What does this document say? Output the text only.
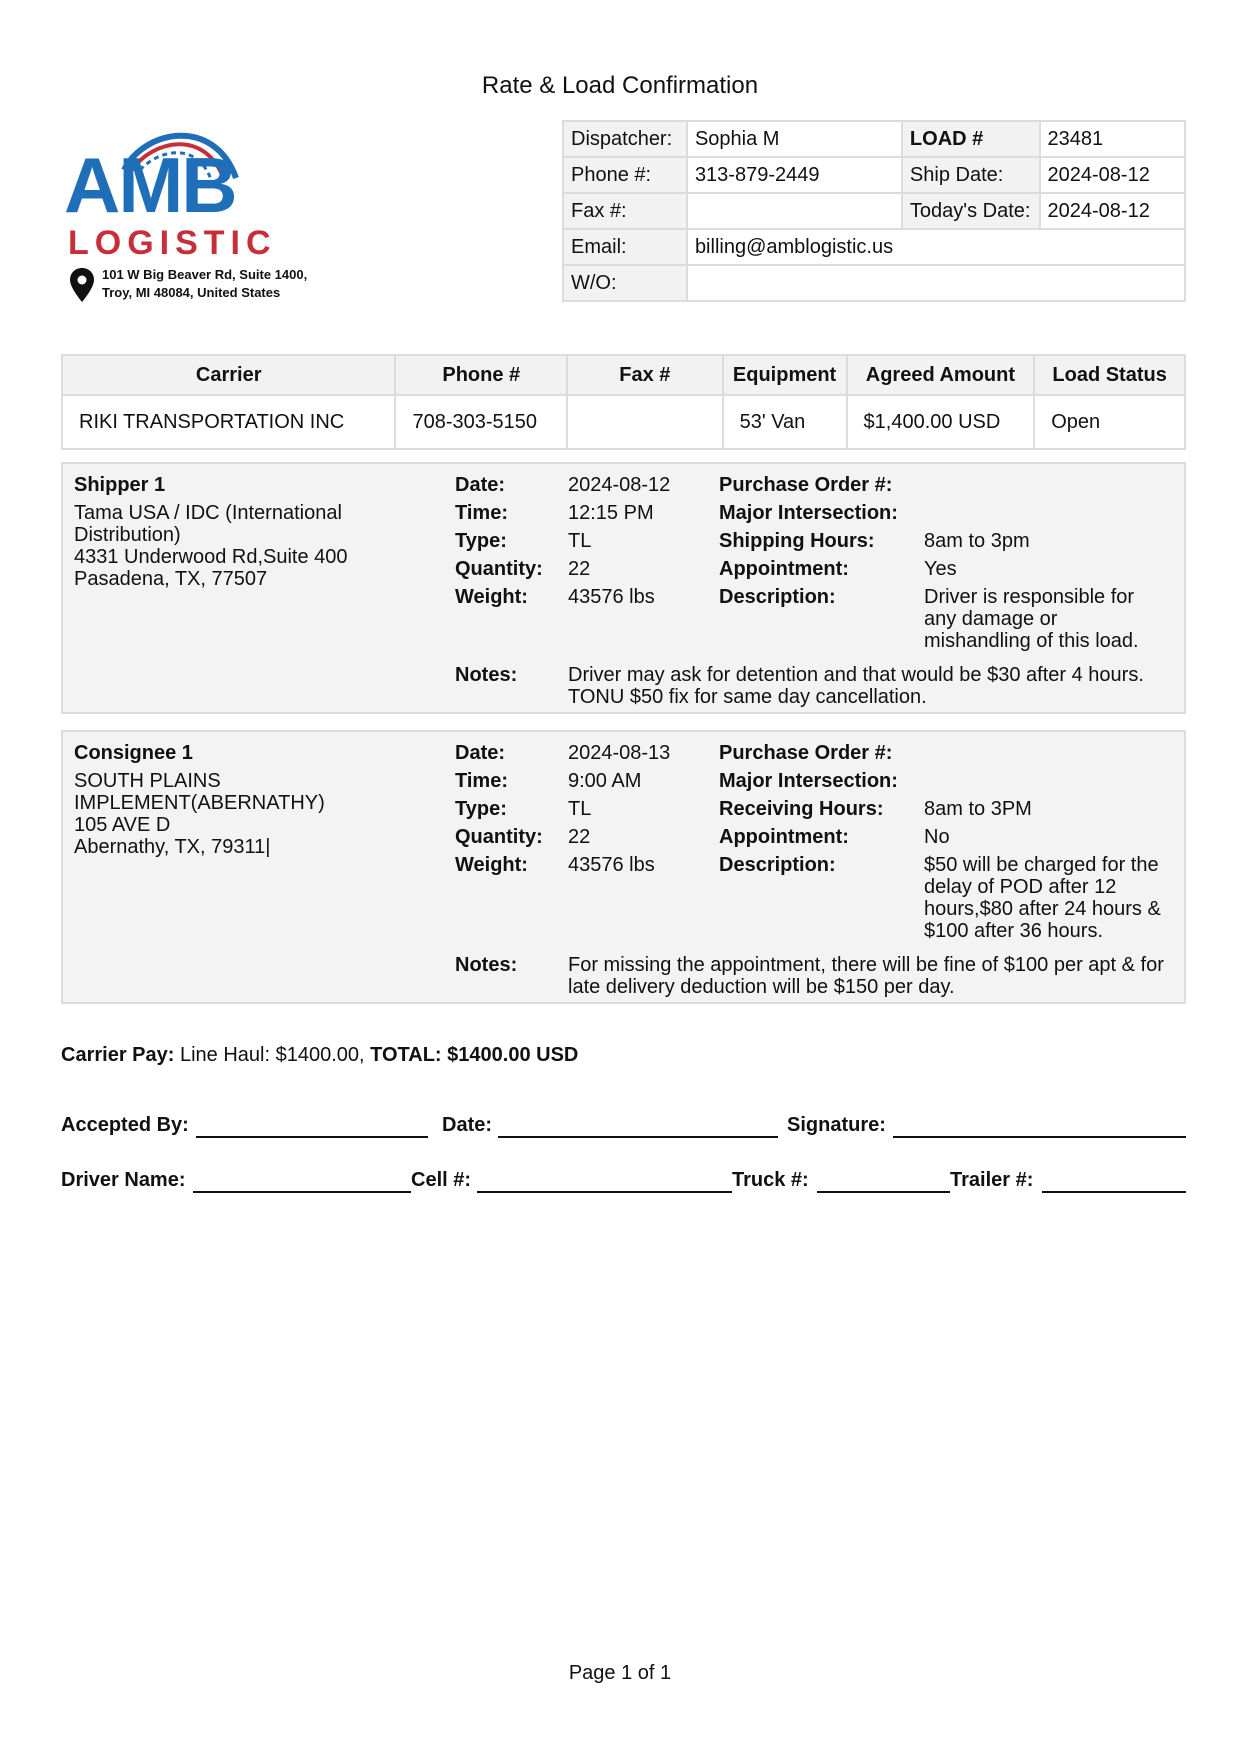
Rate & Load Confirmation
AMB
LOGISTIC
101 W Big Beaver Rd, Suite 1400,
Troy, MI 48084, United States
Dispatcher:	Sophia M	LOAD #	23481
Phone #:	313-879-2449	Ship Date:	2024-08-12
Fax #:		Today's Date:	2024-08-12
Email:	billing@amblogistic.us		
W/O:			
Carrier	Phone #	Fax #	Equipment	Agreed Amount	Load Status
RIKI TRANSPORTATION INC	708-303-5150		53' Van	$1,400.00 USD	Open
Shipper 1
Tama USA / IDC (International
Distribution)
4331 Underwood Rd,Suite 400
Pasadena, TX, 77507
Date:	2024-08-12 Purchase Order #:
Time:	12:15 PM	Major Intersection:
Type:	TL	Shipping Hours: 8am to 3pm
Quantity: 22	Appointment:	Yes
Weight: 43576 lbs	Description:	Driver is responsible for any damage or mishandling of this load.
Notes:	Driver may ask for detention and that would be $30 after 4 hours. TONU $50 fix for same day cancellation.
Consignee 1
SOUTH PLAINS
IMPLEMENT(ABERNATHY)
105 AVE D
Abernathy, TX, 79311|
Date:	2024-08-13 Purchase Order #:
Time:	9:00 AM	Major Intersection:
Type:	TL	Receiving Hours: 8am to 3PM
Quantity: 22	Appointment:	No
Weight: 43576 lbs	Description:	$50 will be charged for the delay of POD after 12 hours,$80 after 24 hours & $100 after 36 hours.
Notes:	For missing the appointment, there will be fine of $100 per apt & for late delivery deduction will be $150 per day.
Carrier Pay: Line Haul: $1400.00, TOTAL: $1400.00 USD
Accepted By:	Date:	Signature:
Driver Name:	Cell #:	Truck #:	Trailer #:
Page 1 of 1
